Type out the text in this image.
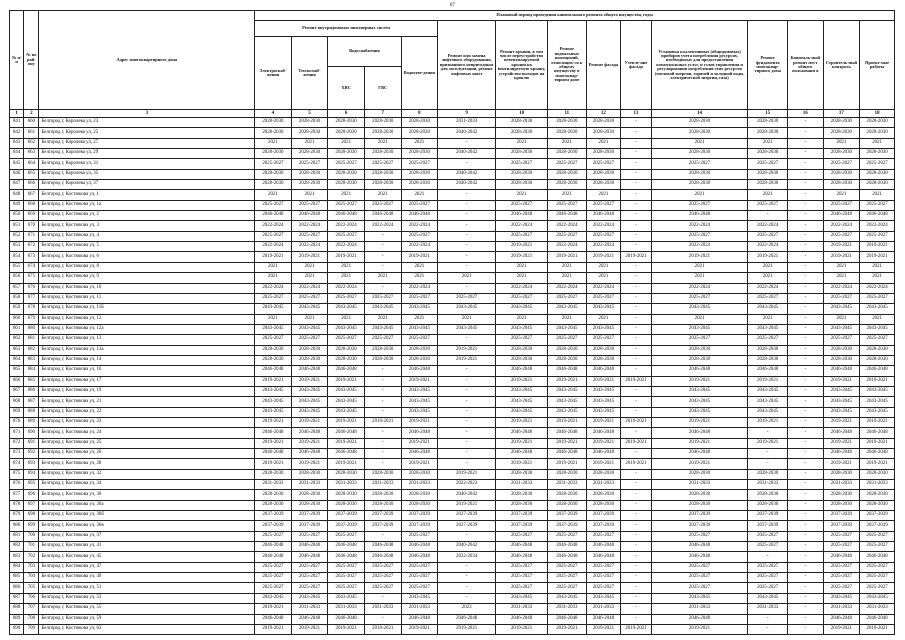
87
№ п/п	№ по рай-ону	Адрес многоквартирного дома	Плановый период проведения капитального ремонта общего имущества, годы														
			Ремонт внутридомовых инженерных систем					Ремонт или замена лифтового оборудования, признанного непригодным для эксплуатации, ремонт лифтовых шахт	Ремонт крыши, в том числе переустройство невентилируемой крыши на вентилируемую крышу, устройство выходов на кровлю	Ремонт подвальных помещений, относящих-ся к общему имуществу в многоквар-тирном доме	Ремонт фасада	Утепле-ние фасада	Установка коллективных (общедомовых) приборов учета потребления ресурсов, необходимых для предоставления коммунальных услуг, и узлов управления и регулирования потребления этих ресурсов (тепловой энергии, горячей и холодной воды, электрической энергии, газа)	Ремонт фундамента многоквар-тирного дома	Капиталь-ный ремонт мест общего пользовани я	Строитель-ный контроль	Проект-ные работы
			Электроснаб-жения	Теплоснаб-жения	Водоснабжения		Водоотве-дения										
					ХВС	ГВС											
1	2	3	4	5	6	7	8	9	10	11	12	13	14	15	16	17	18
841	660	Белгород г, Королева ул, 23	2028-2030	2028-2030	2028-2030	2028-2030	2028-2030	2031-2033	2028-2030	2028-2030	2028-2030	-	2028-2030	2028-2030	-	2028-2030	2028-2030
842	661	Белгород г, Королева ул, 25	2028-2030	2028-2030	2028-2030	2028-2030	2028-2030	2040-2042	2028-2030	2028-2030	2028-2030	-	2028-2030	2028-2030	-	2028-2030	2028-2030
843	662	Белгород г, Королева ул, 27	2021	2021	2021	2021	2021	-	2021	2021	2021	-	2021	2021	-	2021	2021
844	663	Белгород г, Королева ул, 29	2028-2030	2028-2030	2028-2030	2028-2030	2028-2030	2040-2042	2028-2030	2028-2030	2028-2030	-	2028-2030	2028-2030	-	2028-2030	2028-2030
845	664	Белгород г, Королева ул, 31	2025-2027	2025-2027	2025-2027	2025-2027	2025-2027	-	2025-2027	2025-2027	2025-2027	-	2025-2027	2025-2027	-	2025-2027	2025-2027
846	665	Белгород г, Королева ул, 35	2028-2030	2028-2030	2028-2030	2028-2030	2028-2030	2040-2042	2028-2030	2028-2030	2028-2030	-	2028-2030	2028-2030	-	2028-2030	2028-2030
847	666	Белгород г, Королева ул, 37	2028-2030	2028-2030	2028-2030	2028-2030	2028-2030	2040-2042	2028-2030	2028-2030	2028-2030	-	2028-2030	2028-2030	-	2028-2030	2028-2030
848	667	Белгород г, Костюкова ул, 1	2021	2021	2021	2021	2021	-	2021	2021	2021	-	2021	2021	-	2021	2021
849	668	Белгород г, Костюкова ул, 1а	2025-2027	2025-2027	2025-2027	2025-2027	2025-2027	-	2025-2027	2025-2027	2025-2027	-	2025-2027	2025-2027	-	2025-2027	2025-2027
850	669	Белгород г, Костюкова ул, 2	2046-2048	2046-2048	2046-2048	2046-2048	2046-2048	-	2046-2048	2046-2048	2046-2048	-	2046-2048	-	-	2046-2048	2046-2048
851	670	Белгород г, Костюкова ул, 3	2022-2024	2022-2024	2022-2024	2022-2024	2022-2024	-	2022-2024	2022-2024	2022-2024	-	2022-2024	2022-2024	-	2022-2024	2022-2024
852	671	Белгород г, Костюкова ул, 4	2025-2027	2025-2027	2025-2027	-	2025-2027	-	2025-2027	2025-2027	2025-2027	-	2025-2027	2025-2027	-	2025-2027	2025-2027
853	672	Белгород г, Костюкова ул, 5	2022-2024	2022-2024	2022-2024	-	2022-2024	-	2019-2021	2022-2024	2022-2024	-	2022-2024	2022-2024	-	2019-2021	2019-2021
854	673	Белгород г, Костюкова ул, 6	2019-2021	2019-2021	2019-2021	-	2019-2021	-	2019-2021	2019-2021	2019-2021	2019-2021	2019-2021	2019-2021	-	2019-2021	2019-2021
855	674	Белгород г, Костюкова ул, 8	2021	2021	2021	-	2021	-	2021	2021	2021	-	2021	2021	-	2021	2021
856	675	Белгород г, Костюкова ул, 9	2021	2021	2021	2021	2021	2021	2021	2021	2021	-	2021	2021	-	2021	2021
857	676	Белгород г, Костюкова ул, 10	2022-2024	2022-2024	2022-2024	-	2022-2024	-	2022-2024	2022-2024	2022-2024	-	2022-2024	2022-2024	-	2022-2024	2022-2024
858	677	Белгород г, Костюкова ул, 11	2025-2027	2025-2027	2025-2027	2025-2027	2025-2027	2025-2027	2025-2027	2025-2027	2025-2027	-	2025-2027	2025-2027	-	2025-2027	2025-2027
859	678	Белгород г, Костюкова ул, 11Б	2043-2045	2043-2045	2043-2045	2043-2045	2043-2045	2043-2045	2043-2045	2043-2045	2043-2045	-	2043-2045	2043-2045	-	2043-2045	2043-2045
860	679	Белгород г, Костюкова ул, 12	2021	2021	2021	2021	2021	2021	2021	2021	2021	-	2021	2021	-	2021	2021
861	680	Белгород г, Костюкова ул, 12а	2043-2045	2043-2045	2043-2045	2043-2045	2043-2045	2043-2045	2043-2045	2043-2045	2043-2045	-	2043-2045	2043-2045	-	2043-2045	2043-2045
862	681	Белгород г, Костюкова ул, 13	2025-2027	2025-2027	2025-2027	2025-2027	2025-2027	-	2025-2027	2025-2027	2025-2027	-	2025-2027	2025-2027	-	2025-2027	2025-2027
863	682	Белгород г, Костюкова ул, 13а	2028-2030	2028-2030	2028-2030	2028-2030	2028-2030	2019-2021	2028-2030	2028-2030	2028-2030	-	2028-2030	2028-2030	-	2028-2030	2028-2030
864	683	Белгород г, Костюкова ул, 14	2028-2030	2028-2030	2028-2030	2028-2030	2028-2030	2019-2021	2028-2030	2028-2030	2028-2030	-	2028-2030	2028-2030	-	2028-2030	2028-2030
865	684	Белгород г, Костюкова ул, 16	2046-2048	2046-2048	2046-2048	-	2046-2048	-	2046-2048	2046-2048	2046-2048	-	2046-2048	2046-2048	-	2046-2048	2046-2048
866	685	Белгород г, Костюкова ул, 17	2019-2021	2019-2021	2019-2021	-	2019-2021	-	2019-2021	2019-2021	2019-2021	2019-2021	2019-2021	2019-2021	-	2019-2021	2019-2021
867	686	Белгород г, Костюкова ул, 19	2043-2045	2043-2045	2043-2045	-	2043-2045	-	2043-2045	2043-2045	2043-2045	-	2043-2045	2043-2045	-	2043-2045	2043-2045
868	687	Белгород г, Костюкова ул, 21	2043-2045	2043-2045	2043-2045	-	2043-2045	-	2043-2045	2043-2045	2043-2045	-	2043-2045	2043-2045	-	2043-2045	2043-2045
869	688	Белгород г, Костюкова ул, 22	2043-2045	2043-2045	2043-2045	-	2043-2045	-	2043-2045	2043-2045	2043-2045	-	2043-2045	2043-2045	-	2043-2045	2043-2045
870	689	Белгород г, Костюкова ул, 23	2019-2021	2019-2021	2019-2021	2019-2021	2019-2021	-	2019-2021	2019-2021	2019-2021	2019-2021	2019-2021	2019-2021	-	2019-2021	2019-2021
871	690	Белгород г, Костюкова ул, 24	2046-2048	2046-2048	2046-2048	-	2046-2048	-	2046-2048	2046-2048	2046-2048	-	2046-2048	-	-	2046-2048	2046-2048
872	691	Белгород г, Костюкова ул, 25	2019-2021	2019-2021	2019-2021	-	2019-2021	-	2019-2021	2019-2021	2019-2021	2019-2021	2019-2021	2019-2021	-	2019-2021	2019-2021
873	692	Белгород г, Костюкова ул, 26	2046-2048	2046-2048	2046-2048	-	2046-2048	-	2046-2048	2046-2048	2046-2048	-	2046-2048	-	-	2046-2048	2046-2048
874	693	Белгород г, Костюкова ул, 28	2019-2021	2019-2021	2019-2021	-	2019-2021	-	2019-2021	2019-2021	2019-2021	2019-2021	2019-2021	-	-	2019-2021	2019-2021
875	694	Белгород г, Костюкова ул, 32	2028-2030	2028-2030	2028-2030	2028-2030	2028-2030	2019-2021	2028-2030	2028-2030	2028-2030	-	2028-2030	2028-2030	-	2028-2030	2028-2030
876	695	Белгород г, Костюкова ул, 34	2031-2033	2031-2033	2031-2033	2031-2033	2031-2033	2022-2023	2031-2033	2031-2033	2031-2033	-	2031-2033	2031-2033	-	2031-2033	2031-2033
877	696	Белгород г, Костюкова ул, 36	2028-2030	2028-2030	2028-2030	2028-2030	2028-2030	2040-2042	2028-2030	2028-2030	2028-2030	-	2028-2030	2028-2030	-	2028-2030	2028-2030
878	697	Белгород г, Костюкова ул, 36а	2028-2030	2028-2030	2028-2030	2028-2030	2028-2030	2019-2021	2028-2030	2028-2030	2028-2030	-	2028-2030	2028-2030	-	2028-2030	2028-2030
879	698	Белгород г, Костюкова ул, 36б	2037-2039	2037-2039	2037-2039	2037-2039	2037-2039	2037-2039	2037-2039	2037-2039	2037-2039	-	2037-2039	2037-2039	-	2037-2039	2037-2039
880	699	Белгород г, Костюкова ул, 36в	2037-2039	2037-2039	2037-2039	2037-2039	2037-2039	2037-2039	2037-2039	2037-2039	2037-2039	-	2037-2039	2037-2039	-	2037-2039	2037-2039
881	700	Белгород г, Костюкова ул, 37	2025-2027	2025-2027	2025-2027	-	2025-2027	-	2025-2027	2025-2027	2025-2027	-	2025-2027	2025-2027	-	2025-2027	2025-2027
882	701	Белгород г, Костюкова ул, 41	2046-2048	2046-2048	2046-2048	2046-2048	2046-2048	2040-2042	2046-2048	2046-2048	2046-2048	-	2046-2048	2025-2027	-	2025-2027	2025-2027
883	702	Белгород г, Костюкова ул, 45	2046-2048	2046-2048	2046-2048	2046-2048	2046-2048	2032-2034	2046-2048	2046-2048	2046-2048	-	2046-2048	-	-	2046-2048	2046-2048
884	703	Белгород г, Костюкова ул, 47	2025-2027	2025-2027	2025-2027	2025-2027	2025-2027	-	2025-2027	2025-2027	2025-2027	-	2025-2027	2025-2027	-	2025-2027	2025-2027
885	704	Белгород г, Костюкова ул, 49	2025-2027	2025-2027	2025-2027	2025-2027	2025-2027	-	2025-2027	2025-2027	2025-2027	-	2025-2027	2025-2027	-	2025-2027	2025-2027
886	705	Белгород г, Костюкова ул, 51	2025-2027	2025-2027	2025-2027	2025-2027	2025-2027	-	2025-2027	2025-2027	2025-2027	-	2025-2027	2025-2027	-	2025-2027	2025-2027
887	706	Белгород г, Костюкова ул, 53	2043-2045	2043-2045	2043-2045	-	2043-2045	-	2043-2045	2043-2045	2043-2045	-	2043-2045	2043-2045	-	2043-2045	2043-2045
888	707	Белгород г, Костюкова ул, 55	2019-2021	2031-2033	2031-2033	2031-2033	2031-2033	2023	2031-2033	2031-2033	2031-2033	-	2031-2033	2031-2033	-	2031-2033	2031-2033
889	708	Белгород г, Костюкова ул, 59	2046-2048	2046-2048	2046-2048	-	2046-2048	2046-2048	2046-2048	2046-2048	2046-2048	-	2046-2048	-	-	2046-2048	2046-2048
890	709	Белгород г, Костюкова ул, 63	2019-2021	2019-2021	2019-2021	2019-2021	2019-2021	2019-2021	2019-2021	2019-2021	2019-2021	2019-2021	2019-2021	-	-	2019-2021	2019-2021
